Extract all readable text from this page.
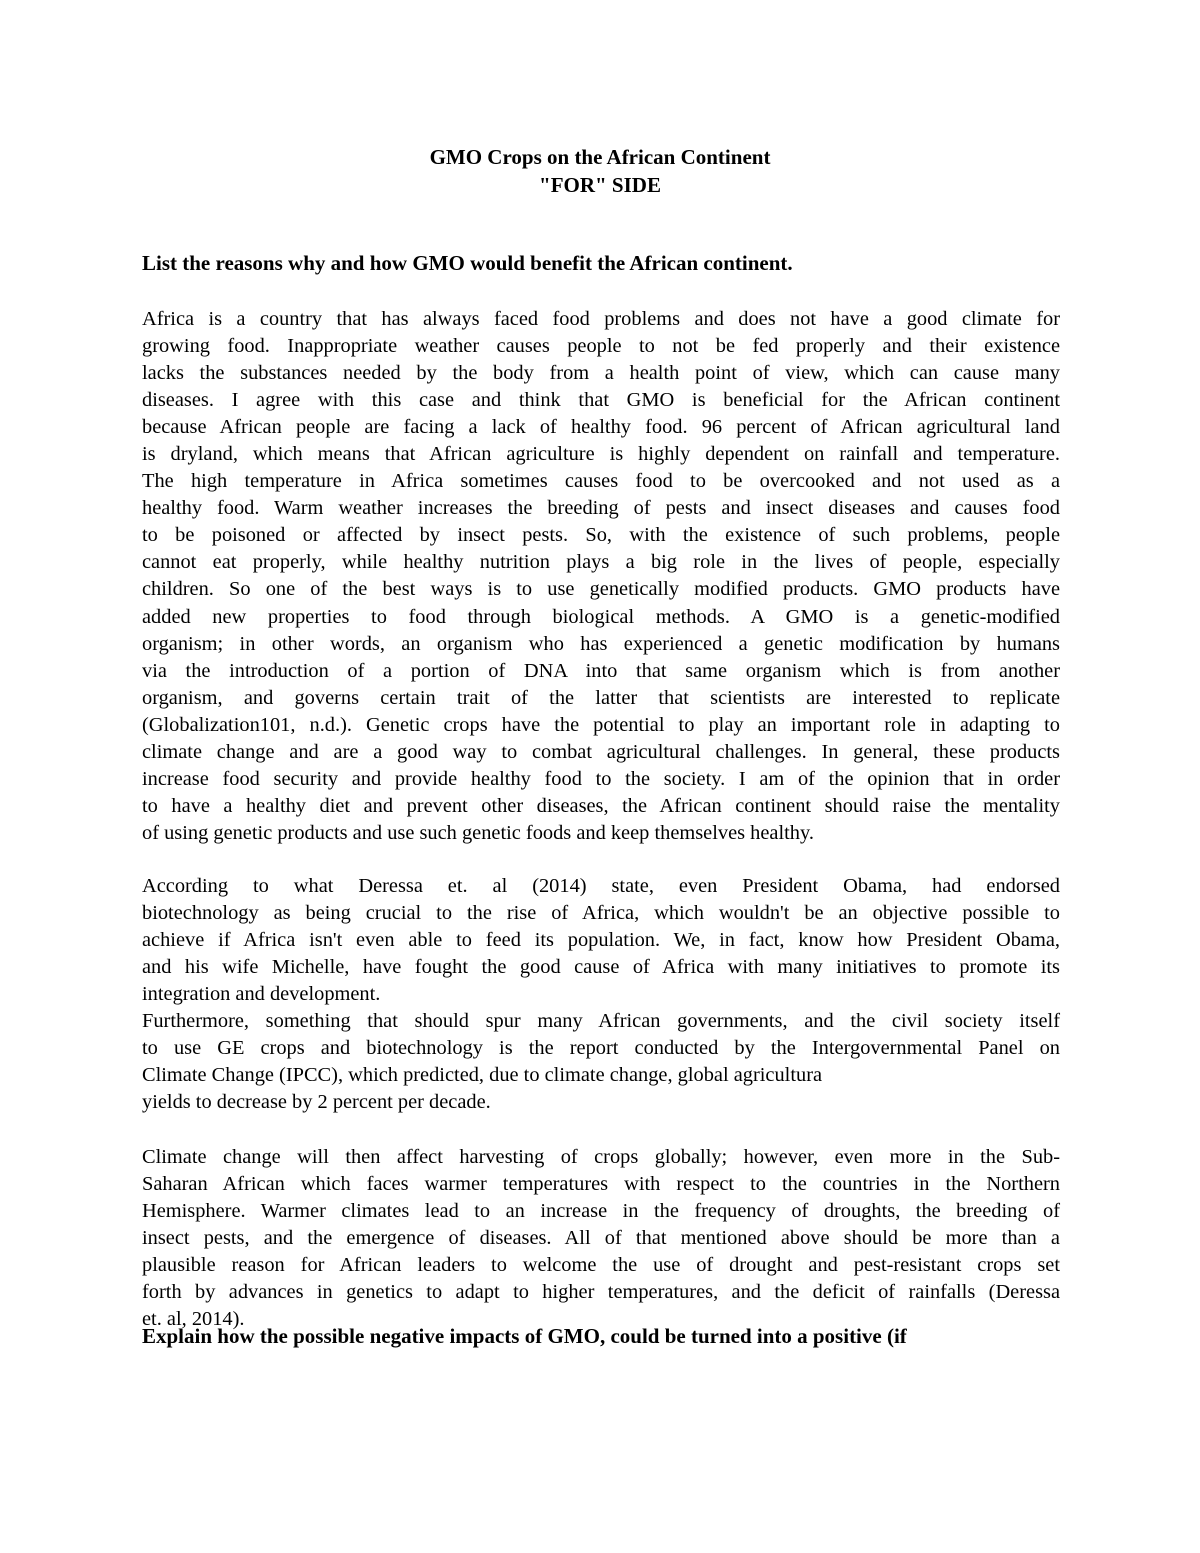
GMO Crops on the African Continent
"FOR" SIDE
List the reasons why and how GMO would benefit the African continent.
Africa is a country that has always faced food problems and does not have a good climate for
growing food. Inappropriate weather causes people to not be fed properly and their existence
lacks the substances needed by the body from a health point of view, which can cause many
diseases. I agree with this case and think that GMO is beneficial for the African continent
because African people are facing a lack of healthy food. 96 percent of African agricultural land
is dryland, which means that African agriculture is highly dependent on rainfall and temperature.
The high temperature in Africa sometimes causes food to be overcooked and not used as a
healthy food. Warm weather increases the breeding of pests and insect diseases and causes food
to be poisoned or affected by insect pests. So, with the existence of such problems, people
cannot eat properly, while healthy nutrition plays a big role in the lives of people, especially
children. So one of the best ways is to use genetically modified products. GMO products have
added new properties to food through biological methods. A GMO is a genetic-modified
organism; in other words, an organism who has experienced a genetic modification by humans
via the introduction of a portion of DNA into that same organism which is from another
organism, and governs certain trait of the latter that scientists are interested to replicate
(Globalization101, n.d.). Genetic crops have the potential to play an important role in adapting to
climate change and are a good way to combat agricultural challenges. In general, these products
increase food security and provide healthy food to the society. I am of the opinion that in order
to have a healthy diet and prevent other diseases, the African continent should raise the mentality
of using genetic products and use such genetic foods and keep themselves healthy.
According to what Deressa et. al (2014) state, even President Obama, had endorsed
biotechnology as being crucial to the rise of Africa, which wouldn't be an objective possible to
achieve if Africa isn't even able to feed its population. We, in fact, know how President Obama,
and his wife Michelle, have fought the good cause of Africa with many initiatives to promote its
integration and development.
Furthermore, something that should spur many African governments, and the civil society itself
to use GE crops and biotechnology is the report conducted by the Intergovernmental Panel on
Climate Change (IPCC), which predicted, due to climate change, global agricultura
yields to decrease by 2 percent per decade.
Climate change will then affect harvesting of crops globally; however, even more in the Sub-
Saharan African which faces warmer temperatures with respect to the countries in the Northern
Hemisphere. Warmer climates lead to an increase in the frequency of droughts, the breeding of
insect pests, and the emergence of diseases. All of that mentioned above should be more than a
plausible reason for African leaders to welcome the use of drought and pest-resistant crops set
forth by advances in genetics to adapt to higher temperatures, and the deficit of rainfalls (Deressa
et. al, 2014).
Explain how the possible negative impacts of GMO, could be turned into a positive (if
